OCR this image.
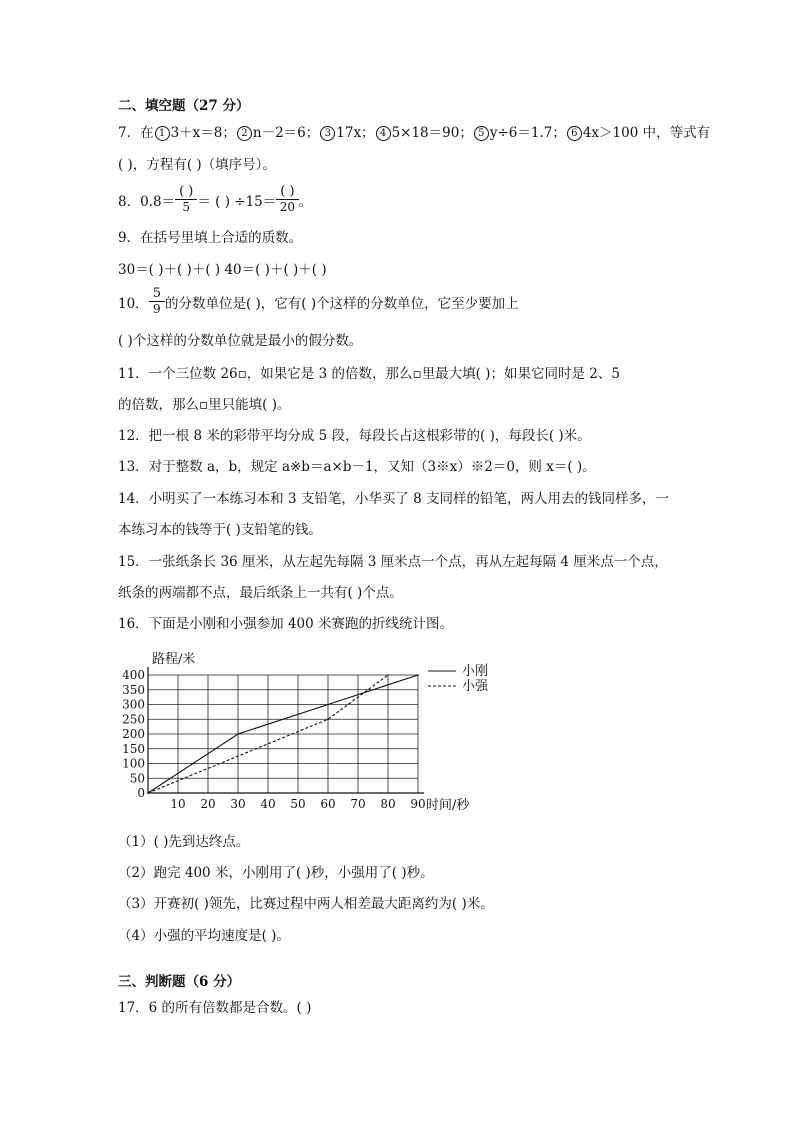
二、填空题（27 分）
7．在 1 3＋x＝8； 2 n－2＝6； 3 17x； 4 5×18＝90； 5 y÷6＝1.7； 6 4x＞100 中，等式有
( )，方程有( )（填序号）。
8．$0.8= \frac{( )}{5}$ ＝ ( ) $\div 15= \frac{( )}{20}$ 。
9．在括号里填上合适的质数。
30＝( )＋( )＋( ) 40＝( )＋( )＋( )
10． $\frac{5}{9}$ 的分数单位是( )，它有( )个这样的分数单位，它至少要加上
( )个这样的分数单位就是最小的假分数。
11．一个三位数 26▫，如果它是 3 的倍数，那么▫里最大填( )；如果它同时是 2、5
的倍数，那么▫里只能填( )。
12．把一根 8 米的彩带平均分成 5 段，每段长占这根彩带的( )，每段长( )米。
13．对于整数 a，b，规定 a※b＝a×b－1，又知（3※x）※2＝0，则 x＝( )。
14．小明买了一本练习本和 3 支铅笔，小华买了 8 支同样的铅笔，两人用去的钱同样多，一
本练习本的钱等于( )支铅笔的钱。
15．一张纸条长 36 厘米，从左起先每隔 3 厘米点一个点，再从左起每隔 4 厘米点一个点，
纸条的两端都不点，最后纸条上一共有( )个点。
16．下面是小刚和小强参加 400 米赛跑的折线统计图。
0
50
100
150
200
250
300
350
400
10 20 30 40 50 60 70 80 90
路程/米
时间/秒
小刚
小强
（1）( )先到达终点。
（2）跑完 400 米，小刚用了( )秒，小强用了( )秒。
（3）开赛初( )领先，比赛过程中两人相差最大距离约为( )米。
（4）小强的平均速度是( )。
三、判断题（6 分）
17．6 的所有倍数都是合数。( )
